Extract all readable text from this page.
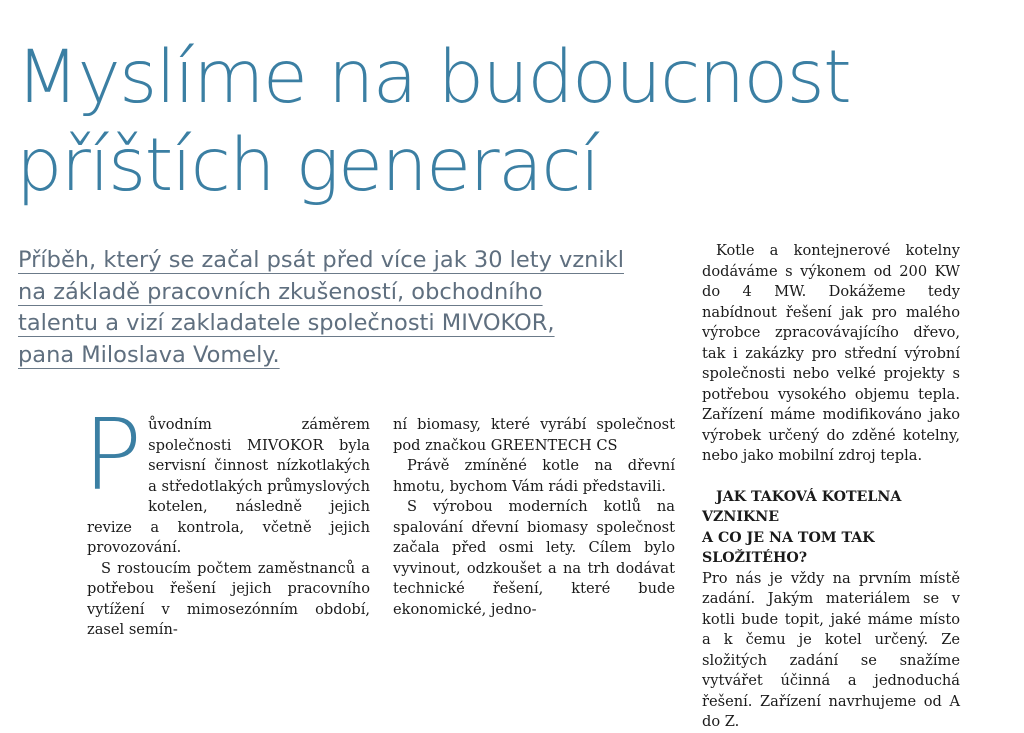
Myslíme na budoucnost
příštích generací
Příběh, který se začal psát před více jak 30 lety vznikl
na základě pracovních zkušeností, obchodního
talentu a vizí zakladatele společnosti MIVOKOR,
pana Miloslava Vomely.

Původním záměrem společnosti MIVOKOR byla servisní činnost nízkotlakých a středotlakých průmyslových kotelen, následně jejich revize a kontrola, včetně jejich provozování.

S rostoucím počtem zaměstnanců a potřebou řešení jejich pracovního vytížení v mimosezónním období, zasel semín-

ní biomasy, které vyrábí společnost pod značkou GREENTECH CS

Právě zmíněné kotle na dřevní hmotu, bychom Vám rádi představili.

S výrobou moderních kotlů na spalování dřevní biomasy společnost začala před osmi lety. Cílem bylo vyvinout, odzkoušet a na trh dodávat technické řešení, které bude ekonomické, jedno-

Kotle a kontejnerové kotelny dodáváme s výkonem od 200 KW do 4 MW. Dokážeme tedy nabídnout řešení jak pro malého výrobce zpracovávajícího dřevo, tak i zakázky pro střední výrobní společnosti nebo velké projekty s potřebou vysokého objemu tepla. Zařízení máme modifikováno jako výrobek určený do zděné kotelny, nebo jako mobilní zdroj tepla.

JAK TAKOVÁ KOTELNA VZNIKNE
A CO JE NA TOM TAK SLOŽITÉHO?

Pro nás je vždy na prvním místě zadání. Jakým materiálem se v kotli bude topit, jaké máme místo a k čemu je kotel určený. Ze složitých zadání se snažíme vytvářet účinná a jednoduchá řešení. Zařízení navrhujeme od A do Z.
